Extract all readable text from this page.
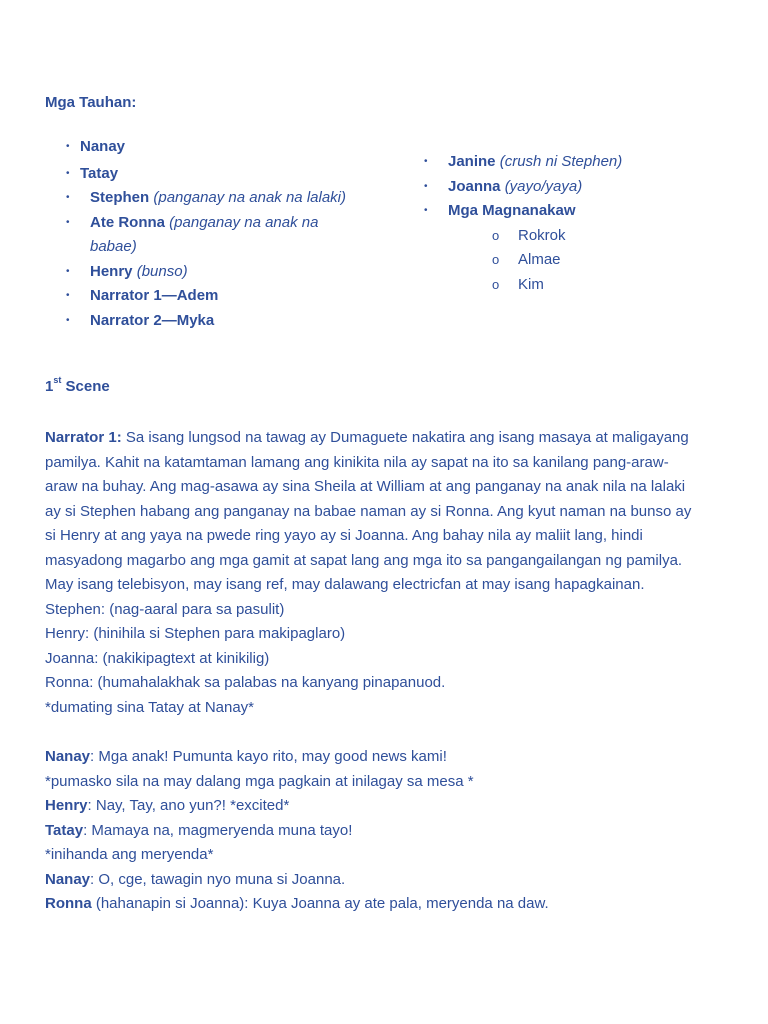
Mga Tauhan:
• Nanay
• Tatay
•	Stephen (panganay na anak na lalaki)
•	Ate Ronna (panganay na anak na
babae)
•	Henry (bunso)
•	Narrator 1—Adem
•	Narrator 2—Myka
•	Janine (crush ni Stephen)
•	Joanna (yayo/yaya)
•	Mga Magnanakaw
o	Rokrok
o	Almae
o	Kim
1st Scene
Narrator 1: Sa isang lungsod na tawag ay Dumaguete nakatira ang isang masaya at maligayang
pamilya. Kahit na katamtaman lamang ang kinikita nila ay sapat na ito sa kanilang pang-araw-
araw na buhay. Ang mag-asawa ay sina Sheila at William at ang panganay na anak nila na lalaki
ay si Stephen habang ang panganay na babae naman ay si Ronna. Ang kyut naman na bunso ay
si Henry at ang yaya na pwede ring yayo ay si Joanna. Ang bahay nila ay maliit lang, hindi
masyadong magarbo ang mga gamit at sapat lang ang mga ito sa pangangailangan ng pamilya.
May isang telebisyon, may isang ref, may dalawang electricfan at may isang hapagkainan.
Stephen: (nag-aaral para sa pasulit)
Henry: (hinihila si Stephen para makipaglaro)
Joanna: (nakikipagtext at kinikilig)
Ronna: (humahalakhak sa palabas na kanyang pinapanuod.
*dumating sina Tatay at Nanay*
Nanay: Mga anak! Pumunta kayo rito, may good news kami!
*pumasko sila na may dalang mga pagkain at inilagay sa mesa *
Henry: Nay, Tay, ano yun?! *excited*
Tatay: Mamaya na, magmeryenda muna tayo!
*inihanda ang meryenda*
Nanay: O, cge, tawagin nyo muna si Joanna.
Ronna (hahanapin si Joanna): Kuya Joanna ay ate pala, meryenda na daw.
